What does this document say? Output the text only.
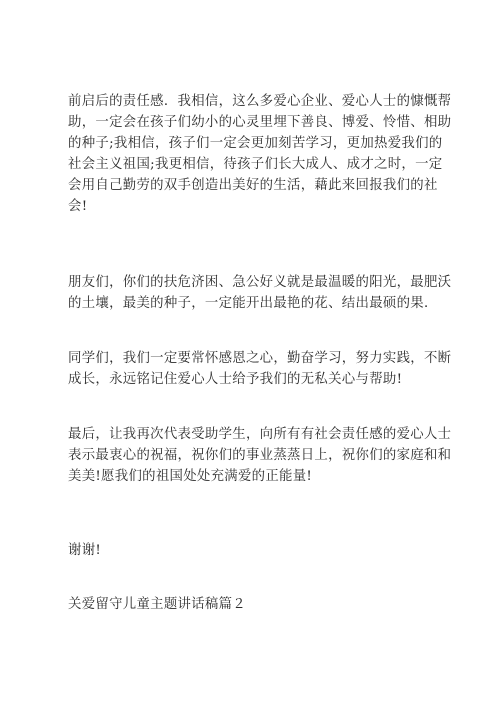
前启后的责任感．我相信，这么多爱心企业、爱心人士的慷慨帮
助，一定会在孩子们幼小的心灵里埋下善良、博爱、怜惜、相助
的种子;我相信，孩子们一定会更加刻苦学习，更加热爱我们的
社会主义祖国;我更相信，待孩子们长大成人、成才之时，一定
会用自己勤劳的双手创造出美好的生活，藉此来回报我们的社
会!

朋友们，你们的扶危济困、急公好义就是最温暖的阳光，最肥沃
的土壤，最美的种子，一定能开出最艳的花、结出最硕的果．

同学们，我们一定要常怀感恩之心，勤奋学习，努力实践，不断
成长，永远铭记住爱心人士给予我们的无私关心与帮助!

最后，让我再次代表受助学生，向所有有社会责任感的爱心人士
表示最衷心的祝福，祝你们的事业蒸蒸日上，祝你们的家庭和和
美美!愿我们的祖国处处充满爱的正能量!

谢谢!

关爱留守儿童主题讲话稿篇２
